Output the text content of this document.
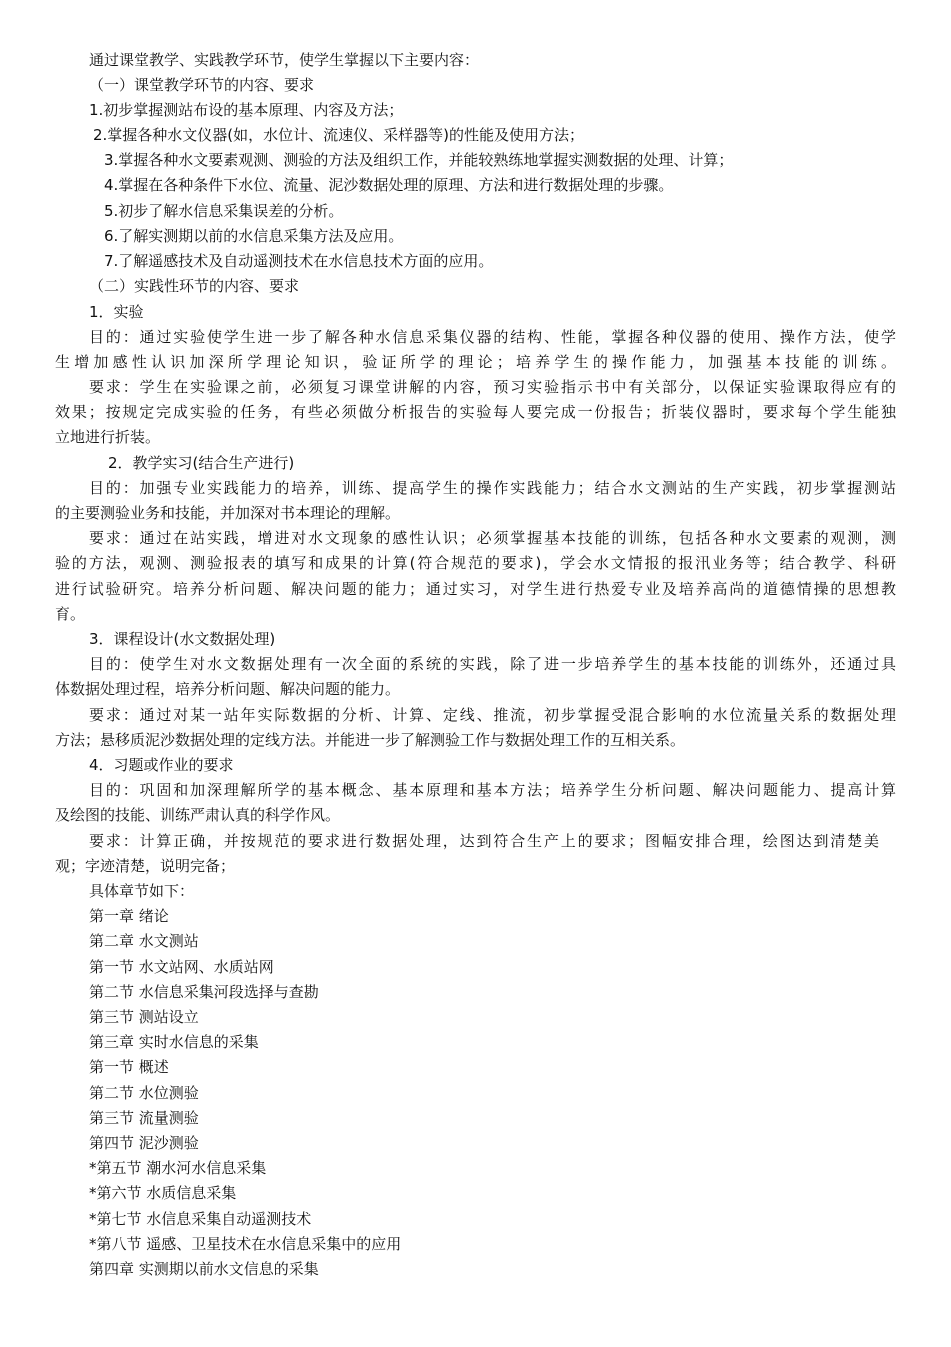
通过课堂教学、实践教学环节，使学生掌握以下主要内容：
（一）课堂教学环节的内容、要求
1.初步掌握测站布设的基本原理、内容及方法；
2.掌握各种水文仪器(如，水位计、流速仪、采样器等)的性能及使用方法；
3.掌握各种水文要素观测、测验的方法及组织工作，并能较熟练地掌握实测数据的处理、计算；
4.掌握在各种条件下水位、流量、泥沙数据处理的原理、方法和进行数据处理的步骤。
5.初步了解水信息采集误差的分析。
6.了解实测期以前的水信息采集方法及应用。
7.了解遥感技术及自动遥测技术在水信息技术方面的应用。
（二）实践性环节的内容、要求
1．实验
目的：通过实验使学生进一步了解各种水信息采集仪器的结构、性能，掌握各种仪器的使用、操作方法，使学
生增加感性认识加深所学理论知识，验证所学的理论；培养学生的操作能力，加强基本技能的训练。
要求：学生在实验课之前，必须复习课堂讲解的内容，预习实验指示书中有关部分，以保证实验课取得应有的
效果；按规定完成实验的任务，有些必须做分析报告的实验每人要完成一份报告；折装仪器时，要求每个学生能独
立地进行折装。
2．教学实习(结合生产进行)
目的：加强专业实践能力的培养，训练、提高学生的操作实践能力；结合水文测站的生产实践，初步掌握测站
的主要测验业务和技能，并加深对书本理论的理解。
要求：通过在站实践，增进对水文现象的感性认识；必须掌握基本技能的训练，包括各种水文要素的观测，测
验的方法，观测、测验报表的填写和成果的计算(符合规范的要求)，学会水文情报的报汛业务等；结合教学、科研
进行试验研究。培养分析问题、解决问题的能力；通过实习，对学生进行热爱专业及培养高尚的道德情操的思想教
育。
3．课程设计(水文数据处理)
目的：使学生对水文数据处理有一次全面的系统的实践，除了进一步培养学生的基本技能的训练外，还通过具
体数据处理过程，培养分析问题、解决问题的能力。
要求：通过对某一站年实际数据的分析、计算、定线、推流，初步掌握受混合影响的水位流量关系的数据处理
方法；悬移质泥沙数据处理的定线方法。并能进一步了解测验工作与数据处理工作的互相关系。
4．习题或作业的要求
目的：巩固和加深理解所学的基本概念、基本原理和基本方法；培养学生分析问题、解决问题能力、提高计算
及绘图的技能、训练严肃认真的科学作风。
要求：计算正确，并按规范的要求进行数据处理，达到符合生产上的要求；图幅安排合理，绘图达到清楚美
观；字迹清楚，说明完备；
具体章节如下：
第一章 绪论
第二章 水文测站
第一节 水文站网、水质站网
第二节 水信息采集河段选择与查勘
第三节 测站设立
第三章 实时水信息的采集
第一节 概述
第二节 水位测验
第三节 流量测验
第四节 泥沙测验
*第五节 潮水河水信息采集
*第六节 水质信息采集
*第七节 水信息采集自动遥测技术
*第八节 遥感、卫星技术在水信息采集中的应用
第四章 实测期以前水文信息的采集
